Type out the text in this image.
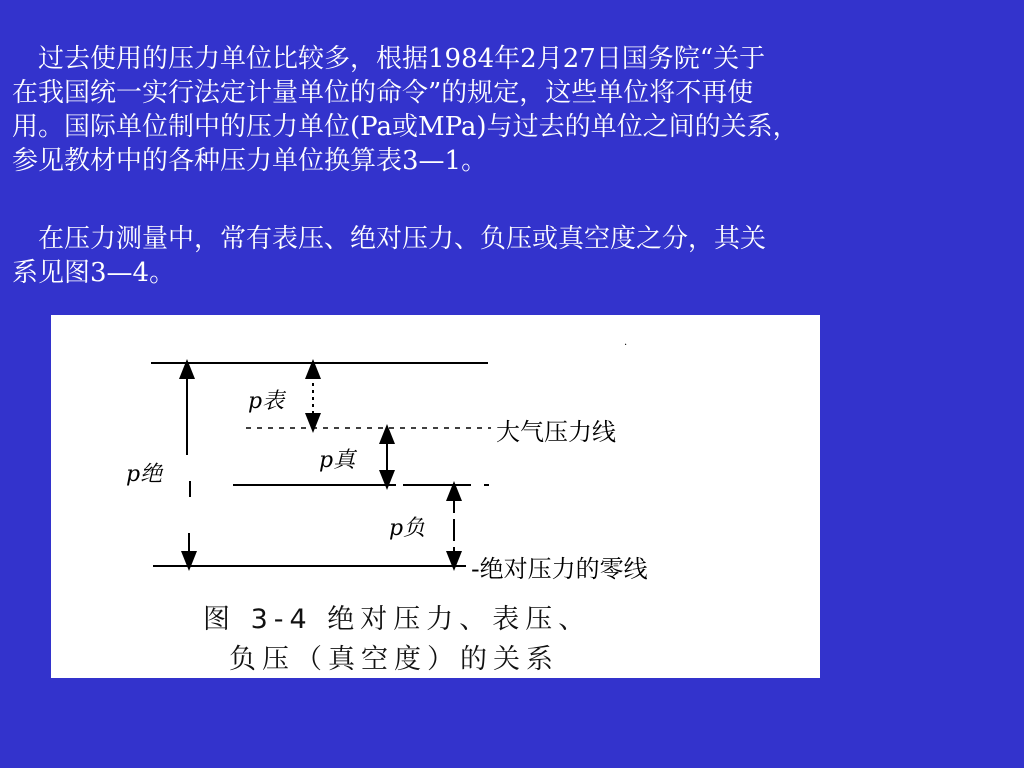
　过去使用的压力单位比较多，根据1984年2月27日国务院“关于
在我国统一实行法定计量单位的命令”的规定，这些单位将不再使
用。国际单位制中的压力单位(Pa或MPa)与过去的单位之间的关系，
参见教材中的各种压力单位换算表3—1。
　在压力测量中，常有表压、绝对压力、负压或真空度之分，其关
系见图3—4。
.
p表
p真
p绝
p负
大气压力线
-绝对压力的零线
图 3-4 绝对压力、表压、
负压（真空度）的关系
